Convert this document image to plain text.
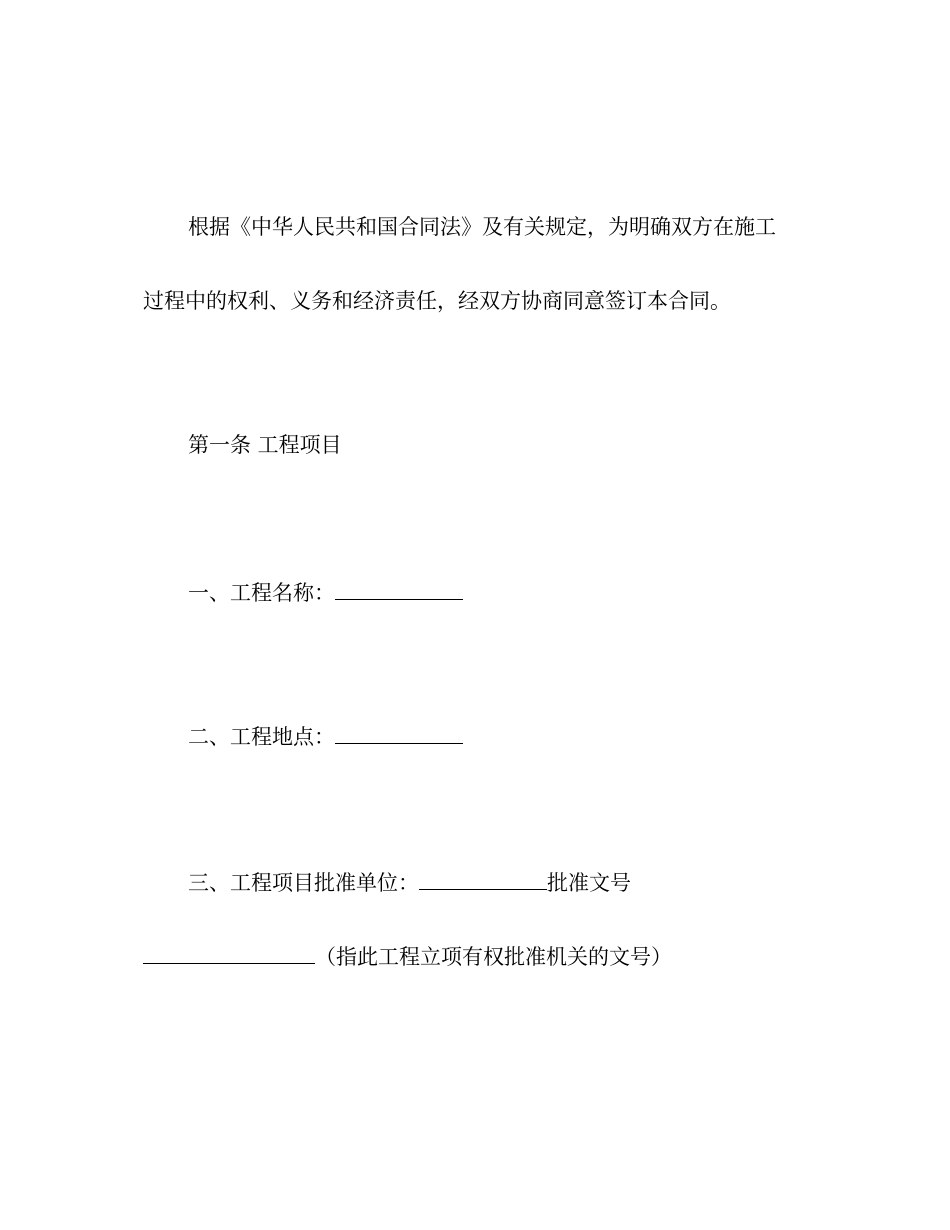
根据《中华人民共和国合同法》及有关规定，为明确双方在施工
过程中的权利、义务和经济责任，经双方协商同意签订本合同。
第一条 工程项目
一、工程名称：
二、工程地点：
三、工程项目批准单位：	批准文号
（指此工程立项有权批准机关的文号）
